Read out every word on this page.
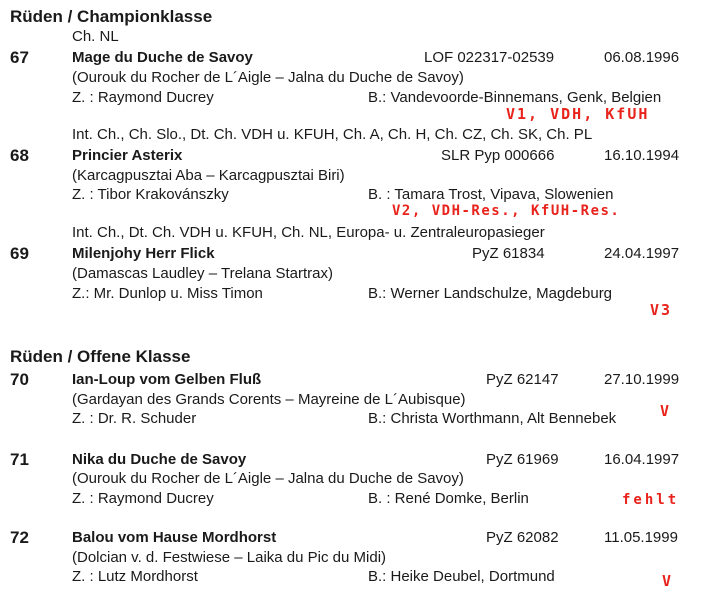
Rüden / Championklasse
Ch. NL
67	Mage du Duche de Savoy	LOF 022317-02539	06.08.1996
(Ourouk du Rocher de L´Aigle – Jalna du Duche de Savoy)
Z. : Raymond Ducrey	B.: Vandevoorde-Binnemans, Genk, Belgien
V1, VDH, KfUH
Int. Ch., Ch. Slo., Dt. Ch. VDH u. KFUH, Ch. A, Ch. H, Ch. CZ, Ch. SK, Ch. PL
68	Princier Asterix	SLR Pyp 000666	16.10.1994
(Karcagpusztai Aba – Karcagpusztai Biri)
Z. : Tibor Krakovánszky	B. : Tamara Trost, Vipava, Slowenien
V2, VDH-Res., KfUH-Res.
Int. Ch., Dt. Ch. VDH u. KFUH, Ch. NL, Europa- u. Zentraleuropasieger
69	Milenjohy Herr Flick	PyZ 61834	24.04.1997
(Damascas Laudley – Trelana Startrax)
Z.: Mr. Dunlop u. Miss Timon	B.: Werner Landschulze, Magdeburg
V3
Rüden / Offene Klasse
70	Ian-Loup vom Gelben Fluß	PyZ 62147	27.10.1999
(Gardayan des Grands Corents – Mayreine de L´Aubisque)
Z. : Dr. R. Schuder	B.: Christa Worthmann, Alt Bennebek	V
71	Nika du Duche de Savoy	PyZ 61969	16.04.1997
(Ourouk du Rocher de L´Aigle – Jalna du Duche de Savoy)
Z. : Raymond Ducrey	B. : René Domke, Berlin	fehlt
72	Balou vom Hause Mordhorst	PyZ 62082	11.05.1999
(Dolcian v. d. Festwiese – Laika du Pic du Midi)
Z. : Lutz Mordhorst	B.: Heike Deubel, Dortmund	V
